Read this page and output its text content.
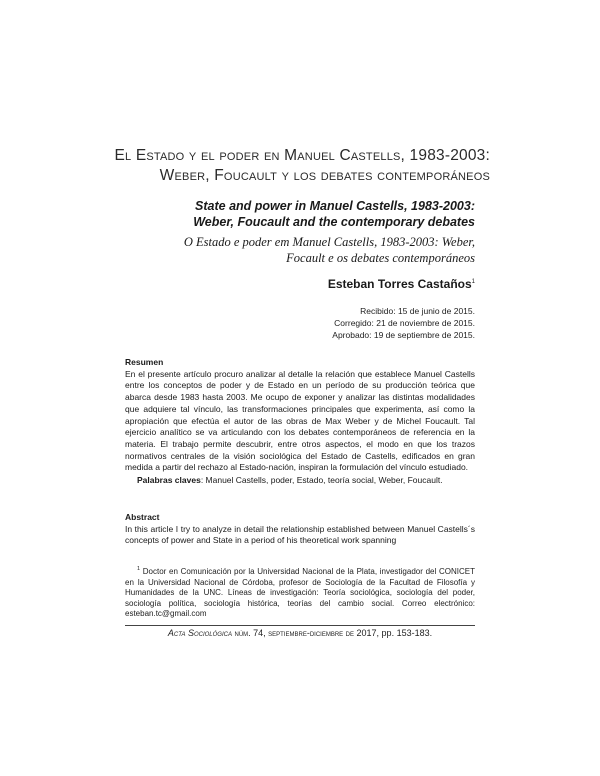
El Estado y el poder en Manuel Castells, 1983-2003:
Weber, Foucault y los debates contemporáneos
State and power in Manuel Castells, 1983-2003:
Weber, Foucault and the contemporary debates
O Estado e poder em Manuel Castells, 1983-2003: Weber,
Focault e os debates contemporáneos
Esteban Torres Castaños$^1$
Recibido: 15 de junio de 2015.
Corregido: 21 de noviembre de 2015.
Aprobado: 19 de septiembre de 2015.
Resumen
En el presente artículo procuro analizar al detalle la relación que establece Manuel Castells entre los conceptos de poder y de Estado en un período de su producción teórica que abarca desde 1983 hasta 2003. Me ocupo de exponer y analizar las distintas modalidades que adquiere tal vínculo, las transformaciones principales que experimenta, así como la apropiación que efectúa el autor de las obras de Max Weber y de Michel Foucault. Tal ejercicio analítico se va articulando con los debates contemporáneos de referencia en la materia. El trabajo permite descubrir, entre otros aspectos, el modo en que los trazos normativos centrales de la visión sociológica del Estado de Castells, edificados en gran medida a partir del rechazo al Estado-nación, inspiran la formulación del vínculo estudiado.
Palabras claves: Manuel Castells, poder, Estado, teoría social, Weber, Foucault.
Abstract
In this article I try to analyze in detail the relationship established between Manuel Castells´s concepts of power and State in a period of his theoretical work spanning
$^1$ Doctor en Comunicación por la Universidad Nacional de la Plata, investigador del CONICET en la Universidad Nacional de Córdoba, profesor de Sociología de la Facultad de Filosofía y Humanidades de la UNC. Líneas de investigación: Teoría sociológica, sociología del poder, sociología política, sociología histórica, teorías del cambio social. Correo electrónico: esteban.tc@gmail.com
Acta Sociológica núm. 74, septiembre-diciembre de 2017, pp. 153-183.
